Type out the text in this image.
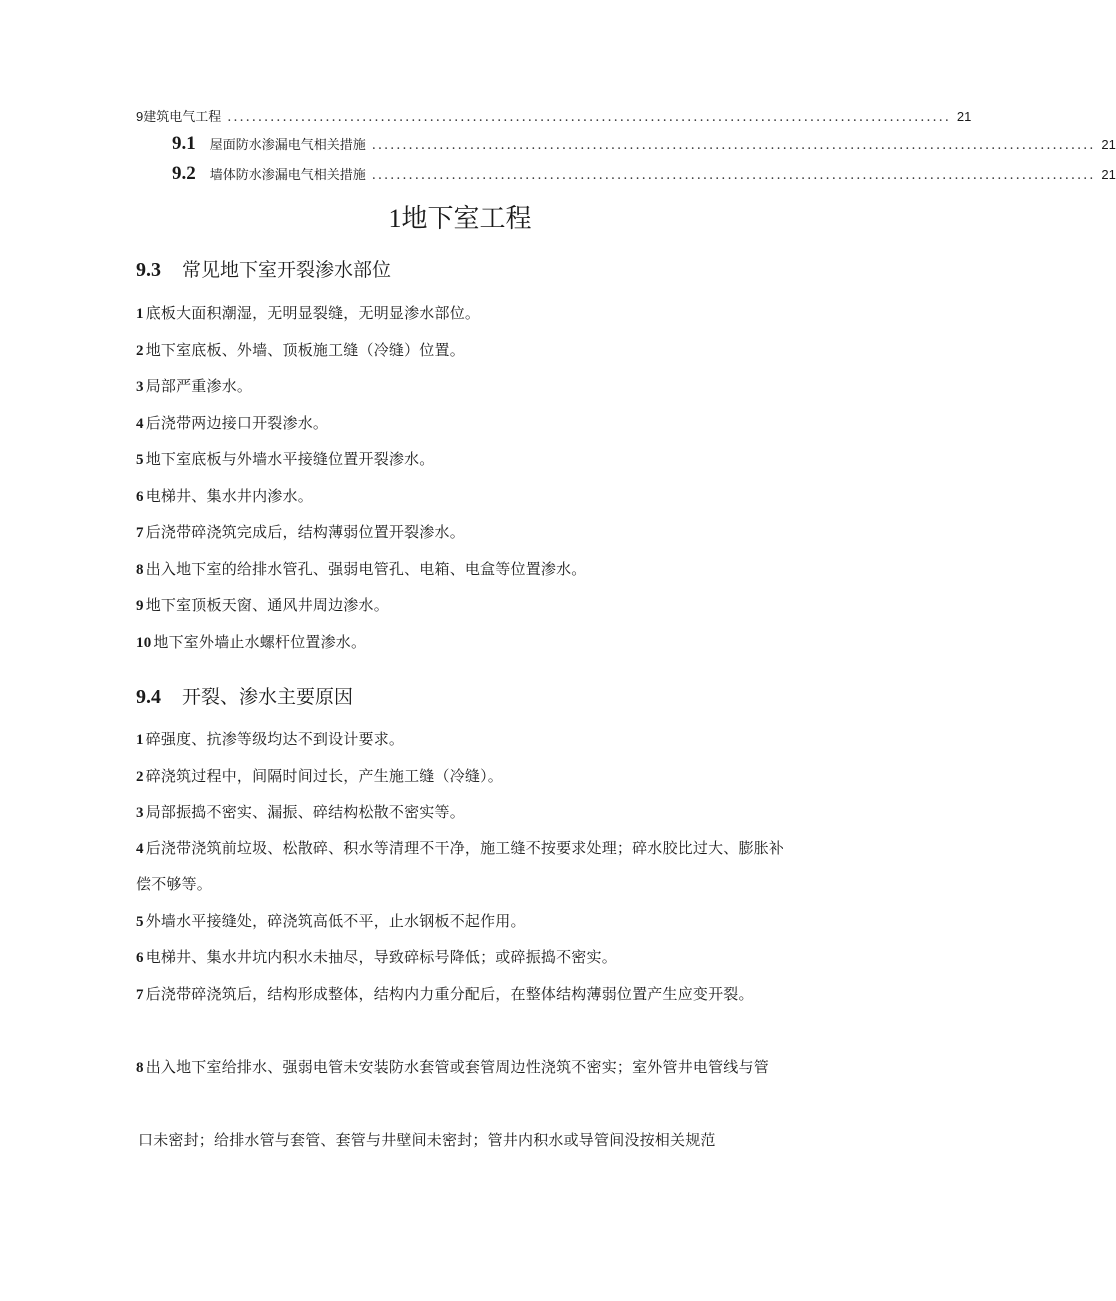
9 建筑电气工程 ...................................................................................................................... 21
9.1 屋面防水渗漏电气相关措施 ...................................................................................................................... 21
9.2 墙体防水渗漏电气相关措施 ...................................................................................................................... 21
1地下室工程
9.3 常见地下室开裂渗水部位
1 底板大面积潮湿，无明显裂缝，无明显渗水部位。
2 地下室底板、外墙、顶板施工缝（冷缝）位置。
3 局部严重渗水。
4 后浇带两边接口开裂渗水。
5 地下室底板与外墙水平接缝位置开裂渗水。
6 电梯井、集水井内渗水。
7 后浇带碎浇筑完成后，结构薄弱位置开裂渗水。
8 出入地下室的给排水管孔、强弱电管孔、电箱、电盒等位置渗水。
9 地下室顶板天窗、通风井周边渗水。
10 地下室外墙止水螺杆位置渗水。
9.4 开裂、渗水主要原因
1 碎强度、抗渗等级均达不到设计要求。
2 碎浇筑过程中，间隔时间过长，产生施工缝（冷缝）。
3 局部振捣不密实、漏振、碎结构松散不密实等。
4 后浇带浇筑前垃圾、松散碎、积水等清理不干净，施工缝不按要求处理；碎水胶比过大、膨胀补偿不够等。
5 外墙水平接缝处，碎浇筑高低不平，止水钢板不起作用。
6 电梯井、集水井坑内积水未抽尽，导致碎标号降低；或碎振捣不密实。
7 后浇带碎浇筑后，结构形成整体，结构内力重分配后，在整体结构薄弱位置产生应变开裂。
8 出入地下室给排水、强弱电管未安装防水套管或套管周边性浇筑不密实；室外管井电管线与管
口未密封；给排水管与套管、套管与井壁间未密封；管井内积水或导管间没按相关规范
